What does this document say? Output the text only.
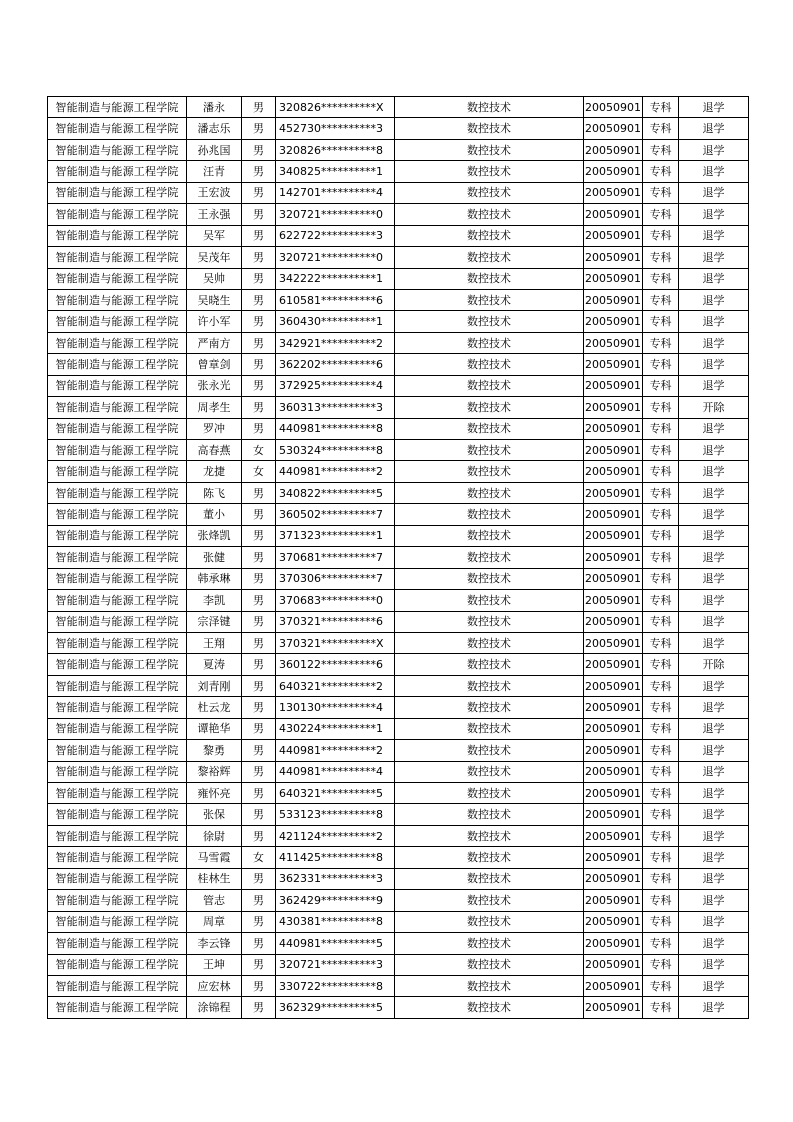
智能制造与能源工程学院	潘永	男	320826**********X	数控技术	20050901	专科	退学
智能制造与能源工程学院	潘志乐	男	452730**********3	数控技术	20050901	专科	退学
智能制造与能源工程学院	孙兆国	男	320826**********8	数控技术	20050901	专科	退学
智能制造与能源工程学院	汪青	男	340825**********1	数控技术	20050901	专科	退学
智能制造与能源工程学院	王宏波	男	142701**********4	数控技术	20050901	专科	退学
智能制造与能源工程学院	王永强	男	320721**********0	数控技术	20050901	专科	退学
智能制造与能源工程学院	吴军	男	622722**********3	数控技术	20050901	专科	退学
智能制造与能源工程学院	吴茂年	男	320721**********0	数控技术	20050901	专科	退学
智能制造与能源工程学院	吴帅	男	342222**********1	数控技术	20050901	专科	退学
智能制造与能源工程学院	吴晓生	男	610581**********6	数控技术	20050901	专科	退学
智能制造与能源工程学院	许小军	男	360430**********1	数控技术	20050901	专科	退学
智能制造与能源工程学院	严南方	男	342921**********2	数控技术	20050901	专科	退学
智能制造与能源工程学院	曾章剑	男	362202**********6	数控技术	20050901	专科	退学
智能制造与能源工程学院	张永光	男	372925**********4	数控技术	20050901	专科	退学
智能制造与能源工程学院	周孝生	男	360313**********3	数控技术	20050901	专科	开除
智能制造与能源工程学院	罗冲	男	440981**********8	数控技术	20050901	专科	退学
智能制造与能源工程学院	高春燕	女	530324**********8	数控技术	20050901	专科	退学
智能制造与能源工程学院	龙捷	女	440981**********2	数控技术	20050901	专科	退学
智能制造与能源工程学院	陈飞	男	340822**********5	数控技术	20050901	专科	退学
智能制造与能源工程学院	董小	男	360502**********7	数控技术	20050901	专科	退学
智能制造与能源工程学院	张烽凯	男	371323**********1	数控技术	20050901	专科	退学
智能制造与能源工程学院	张健	男	370681**********7	数控技术	20050901	专科	退学
智能制造与能源工程学院	韩承琳	男	370306**********7	数控技术	20050901	专科	退学
智能制造与能源工程学院	李凯	男	370683**********0	数控技术	20050901	专科	退学
智能制造与能源工程学院	宗泽键	男	370321**********6	数控技术	20050901	专科	退学
智能制造与能源工程学院	王翔	男	370321**********X	数控技术	20050901	专科	退学
智能制造与能源工程学院	夏涛	男	360122**********6	数控技术	20050901	专科	开除
智能制造与能源工程学院	刘青刚	男	640321**********2	数控技术	20050901	专科	退学
智能制造与能源工程学院	杜云龙	男	130130**********4	数控技术	20050901	专科	退学
智能制造与能源工程学院	谭艳华	男	430224**********1	数控技术	20050901	专科	退学
智能制造与能源工程学院	黎勇	男	440981**********2	数控技术	20050901	专科	退学
智能制造与能源工程学院	黎裕辉	男	440981**********4	数控技术	20050901	专科	退学
智能制造与能源工程学院	雍怀亮	男	640321**********5	数控技术	20050901	专科	退学
智能制造与能源工程学院	张保	男	533123**********8	数控技术	20050901	专科	退学
智能制造与能源工程学院	徐尉	男	421124**********2	数控技术	20050901	专科	退学
智能制造与能源工程学院	马雪霞	女	411425**********8	数控技术	20050901	专科	退学
智能制造与能源工程学院	桂林生	男	362331**********3	数控技术	20050901	专科	退学
智能制造与能源工程学院	管志	男	362429**********9	数控技术	20050901	专科	退学
智能制造与能源工程学院	周章	男	430381**********8	数控技术	20050901	专科	退学
智能制造与能源工程学院	李云锋	男	440981**********5	数控技术	20050901	专科	退学
智能制造与能源工程学院	王坤	男	320721**********3	数控技术	20050901	专科	退学
智能制造与能源工程学院	应宏林	男	330722**********8	数控技术	20050901	专科	退学
智能制造与能源工程学院	涂锦程	男	362329**********5	数控技术	20050901	专科	退学
